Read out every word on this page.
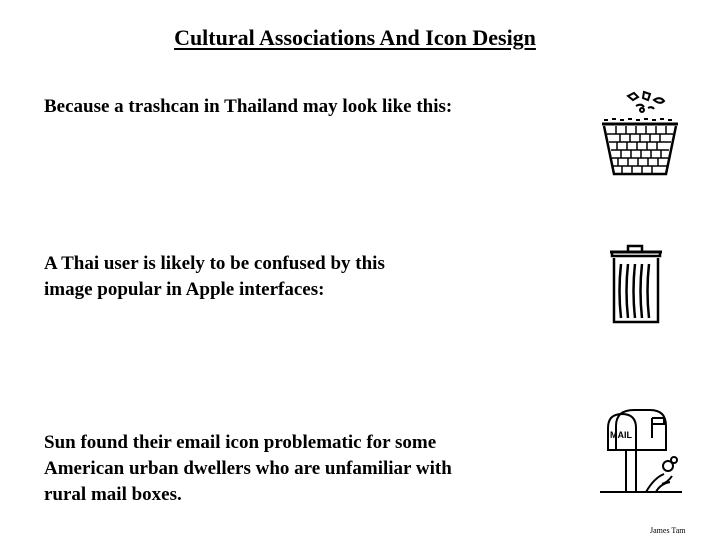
Cultural Associations And Icon Design
Because a trashcan in Thailand may look like this:
A Thai user is likely to be confused by this
image popular in Apple interfaces:
Sun found their email icon problematic for some
American urban dwellers who are unfamiliar with
rural mail boxes.
MAIL
James Tam
